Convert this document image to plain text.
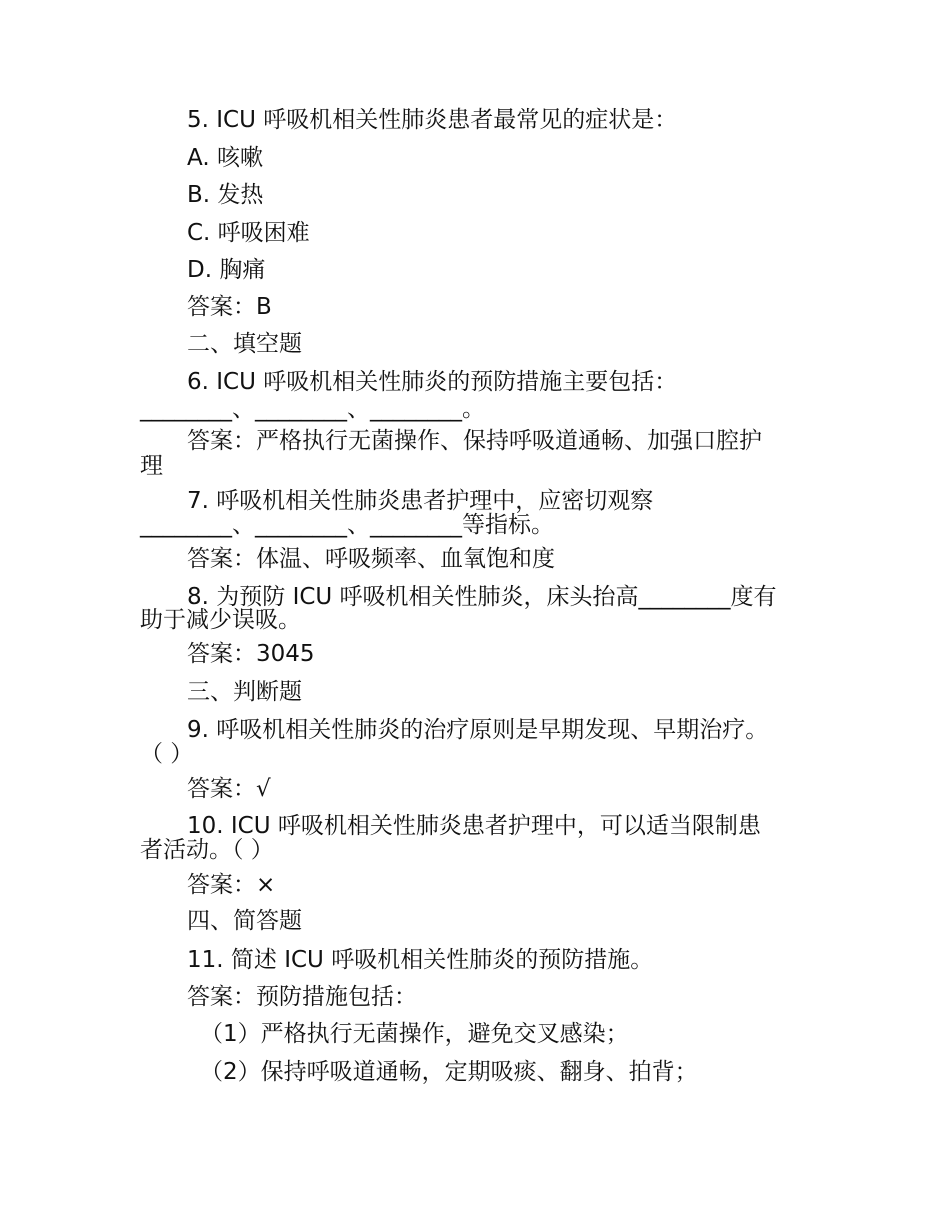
5. ICU 呼吸机相关性肺炎患者最常见的症状是：
A. 咳嗽
B. 发热
C. 呼吸困难
D. 胸痛
答案：B
二、填空题
6. ICU 呼吸机相关性肺炎的预防措施主要包括：
________、________、________。
答案：严格执行无菌操作、保持呼吸道通畅、加强口腔护
理
7. 呼吸机相关性肺炎患者护理中，应密切观察
________、________、________等指标。
答案：体温、呼吸频率、血氧饱和度
8. 为预防 ICU 呼吸机相关性肺炎，床头抬高________度有
助于减少误吸。
答案：3045
三、判断题
9. 呼吸机相关性肺炎的治疗原则是早期发现、早期治疗。
（ ）
答案：√
10. ICU 呼吸机相关性肺炎患者护理中，可以适当限制患
者活动。（ ）
答案：×
四、简答题
11. 简述 ICU 呼吸机相关性肺炎的预防措施。
答案：预防措施包括：
（1）严格执行无菌操作，避免交叉感染；
（2）保持呼吸道通畅，定期吸痰、翻身、拍背；
